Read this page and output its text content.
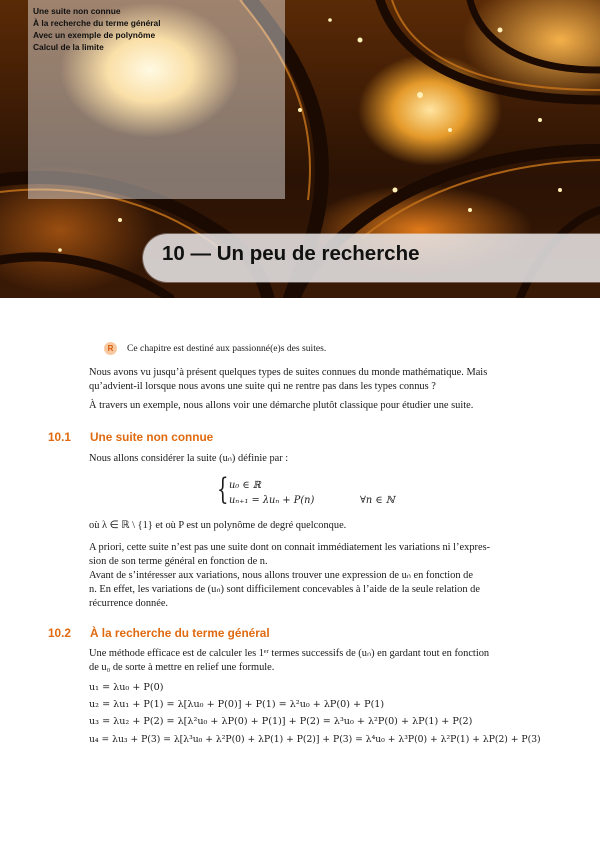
Une suite non connue
À la recherche du terme général
Avec un exemple de polynôme
Calcul de la limite
10 — Un peu de recherche
R	Ce chapitre est destiné aux passionné(e)s des suites.
Nous avons vu jusqu’à présent quelques types de suites connues du monde mathématique. Mais
qu’advient-il lorsque nous avons une suite qui ne rentre pas dans les types connus ?
À travers un exemple, nous allons voir une démarche plutôt classique pour étudier une suite.
10.1 Une suite non connue
Nous allons considérer la suite (uₙ) définie par :
{ u₀ ∈ ℝ
uₙ₊₁ = λuₙ + P(n)	∀n ∈ ℕ
où λ ∈ ℝ \ {1} et où P est un polynôme de degré quelconque.
A priori, cette suite n’est pas une suite dont on connait immédiatement les variations ni l’expres-
sion de son terme général en fonction de n.
Avant de s’intéresser aux variations, nous allons trouver une expression de uₙ en fonction de
n. En effet, les variations de (uₙ) sont difficilement concevables à l’aide de la seule relation de
récurrence donnée.
10.2 À la recherche du terme général
Une méthode efficace est de calculer les 1ᵉʳ termes successifs de (uₙ) en gardant tout en fonction
de u₀ de sorte à mettre en relief une formule.
u₁ = λu₀ + P(0)
u₂ = λu₁ + P(1) = λ[λu₀ + P(0)] + P(1) = λ²u₀ + λP(0) + P(1)
u₃ = λu₂ + P(2) = λ[λ²u₀ + λP(0) + P(1)] + P(2) = λ³u₀ + λ²P(0) + λP(1) + P(2)
u₄ = λu₃ + P(3) = λ[λ³u₀ + λ²P(0) + λP(1) + P(2)] + P(3) = λ⁴u₀ + λ³P(0) + λ²P(1) + λP(2) + P(3)
